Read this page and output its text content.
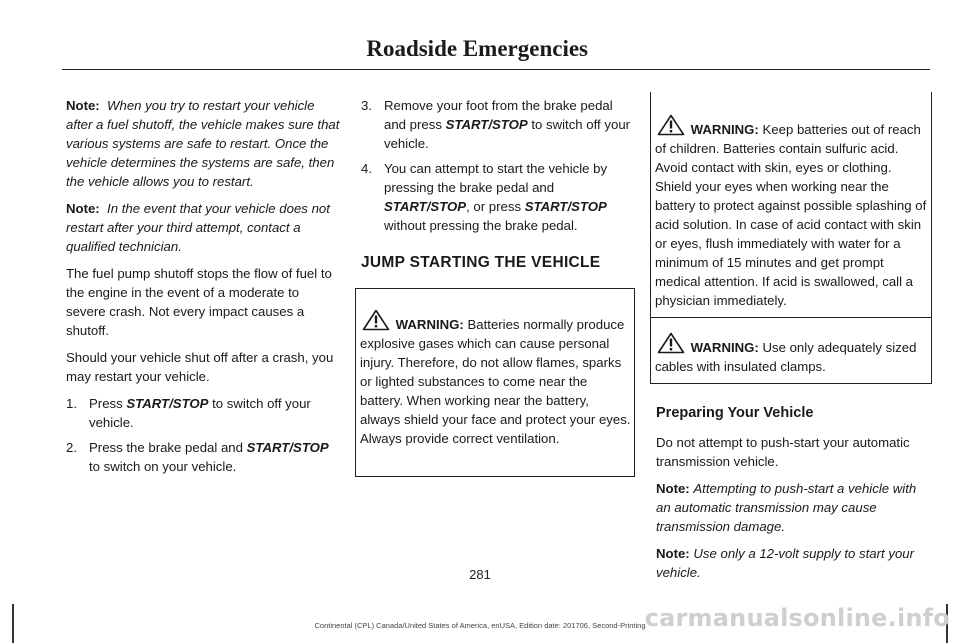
Roadside Emergencies

Note: When you try to restart your vehicle after a fuel shutoff, the vehicle makes sure that various systems are safe to restart. Once the vehicle determines the systems are safe, then the vehicle allows you to restart.

Note: In the event that your vehicle does not restart after your third attempt, contact a qualified technician.

The fuel pump shutoff stops the flow of fuel to the engine in the event of a moderate to severe crash. Not every impact causes a shutoff.

Should your vehicle shut off after a crash, you may restart your vehicle.

1. Press START/STOP to switch off your vehicle.
2. Press the brake pedal and START/STOP to switch on your vehicle.
3. Remove your foot from the brake pedal and press START/STOP to switch off your vehicle.
4. You can attempt to start the vehicle by pressing the brake pedal and START/STOP, or press START/STOP without pressing the brake pedal.
JUMP STARTING THE VEHICLE

WARNING: Batteries normally produce explosive gases which can cause personal injury. Therefore, do not allow flames, sparks or lighted substances to come near the battery. When working near the battery, always shield your face and protect your eyes. Always provide correct ventilation.

WARNING: Keep batteries out of reach of children. Batteries contain sulfuric acid. Avoid contact with skin, eyes or clothing. Shield your eyes when working near the battery to protect against possible splashing of acid solution. In case of acid contact with skin or eyes, flush immediately with water for a minimum of 15 minutes and get prompt medical attention. If acid is swallowed, call a physician immediately.

WARNING: Use only adequately sized cables with insulated clamps.

Preparing Your Vehicle

Do not attempt to push-start your automatic transmission vehicle.

Note: Attempting to push-start a vehicle with an automatic transmission may cause transmission damage.

Note: Use only a 12-volt supply to start your vehicle.

281
Continental (CPL) Canada/United States of America, enUSA, Edition date: 201706, Second-Printing carmanualsonline.info
